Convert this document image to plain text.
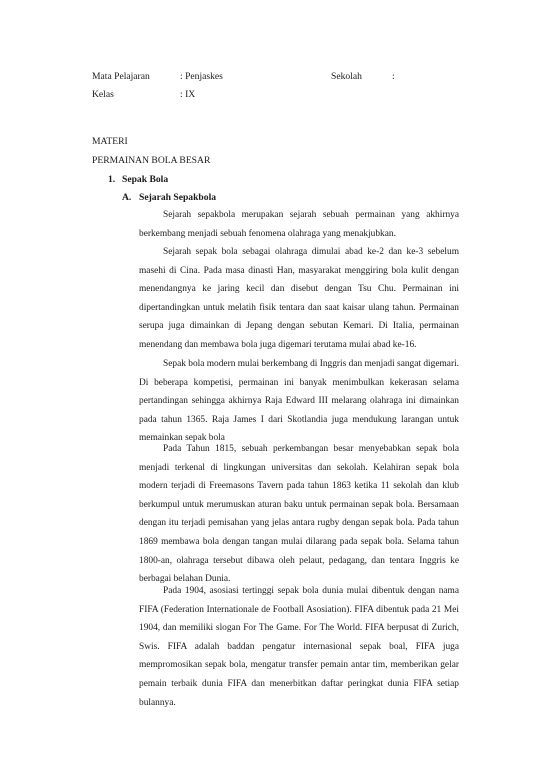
Mata Pelajaran	: Penjaskes	Sekolah	:
Kelas	: IX
MATERI
PERMAINAN BOLA BESAR
1. Sepak Bola
A. Sejarah Sepakbola

Sejarah sepakbola merupakan sejarah sebuah permainan yang akhirnya berkembang menjadi sebuah fenomena olahraga yang menakjubkan.

Sejarah sepak bola sebagai olahraga dimulai abad ke-2 dan ke-3 sebelum masehi di Cina. Pada masa dinasti Han, masyarakat menggiring bola kulit dengan menendangnya ke jaring kecil dan disebut dengan Tsu Chu. Permainan ini dipertandingkan untuk melatih fisik tentara dan saat kaisar ulang tahun. Permainan serupa juga dimainkan di Jepang dengan sebutan Kemari. Di Italia, permainan menendang dan membawa bola juga digemari terutama mulai abad ke-16.

Sepak bola modern mulai berkembang di Inggris dan menjadi sangat digemari. Di beberapa kompetisi, permainan ini banyak menimbulkan kekerasan selama pertandingan sehingga akhirnya Raja Edward III melarang olahraga ini dimainkan pada tahun 1365. Raja James I dari Skotlandia juga mendukung larangan untuk memainkan sepak bola

Pada Tahun 1815, sebuah perkembangan besar menyebabkan sepak bola menjadi terkenal di lingkungan universitas dan sekolah. Kelahiran sepak bola modern terjadi di Freemasons Tavern pada tahun 1863 ketika 11 sekolah dan klub berkumpul untuk merumuskan aturan baku untuk permainan sepak bola. Bersamaan dengan itu terjadi pemisahan yang jelas antara rugby dengan sepak bola. Pada tahun 1869 membawa bola dengan tangan mulai dilarang pada sepak bola. Selama tahun 1800-an, olahraga tersebut dibawa oleh pelaut, pedagang, dan tentara Inggris ke berbagai belahan Dunia.

Pada 1904, asosiasi tertinggi sepak bola dunia mulai dibentuk dengan nama FIFA (Federation Internationale de Football Asosiation). FIFA dibentuk pada 21 Mei 1904, dan memiliki slogan For The Game. For The World. FIFA berpusat di Zurich, Swis. FIFA adalah baddan pengatur internasional sepak boal, FIFA juga mempromosikan sepak bola, mengatur transfer pemain antar tim, memberikan gelar pemain terbaik dunia FIFA dan menerbitkan daftar peringkat dunia FIFA setiap bulannya.
